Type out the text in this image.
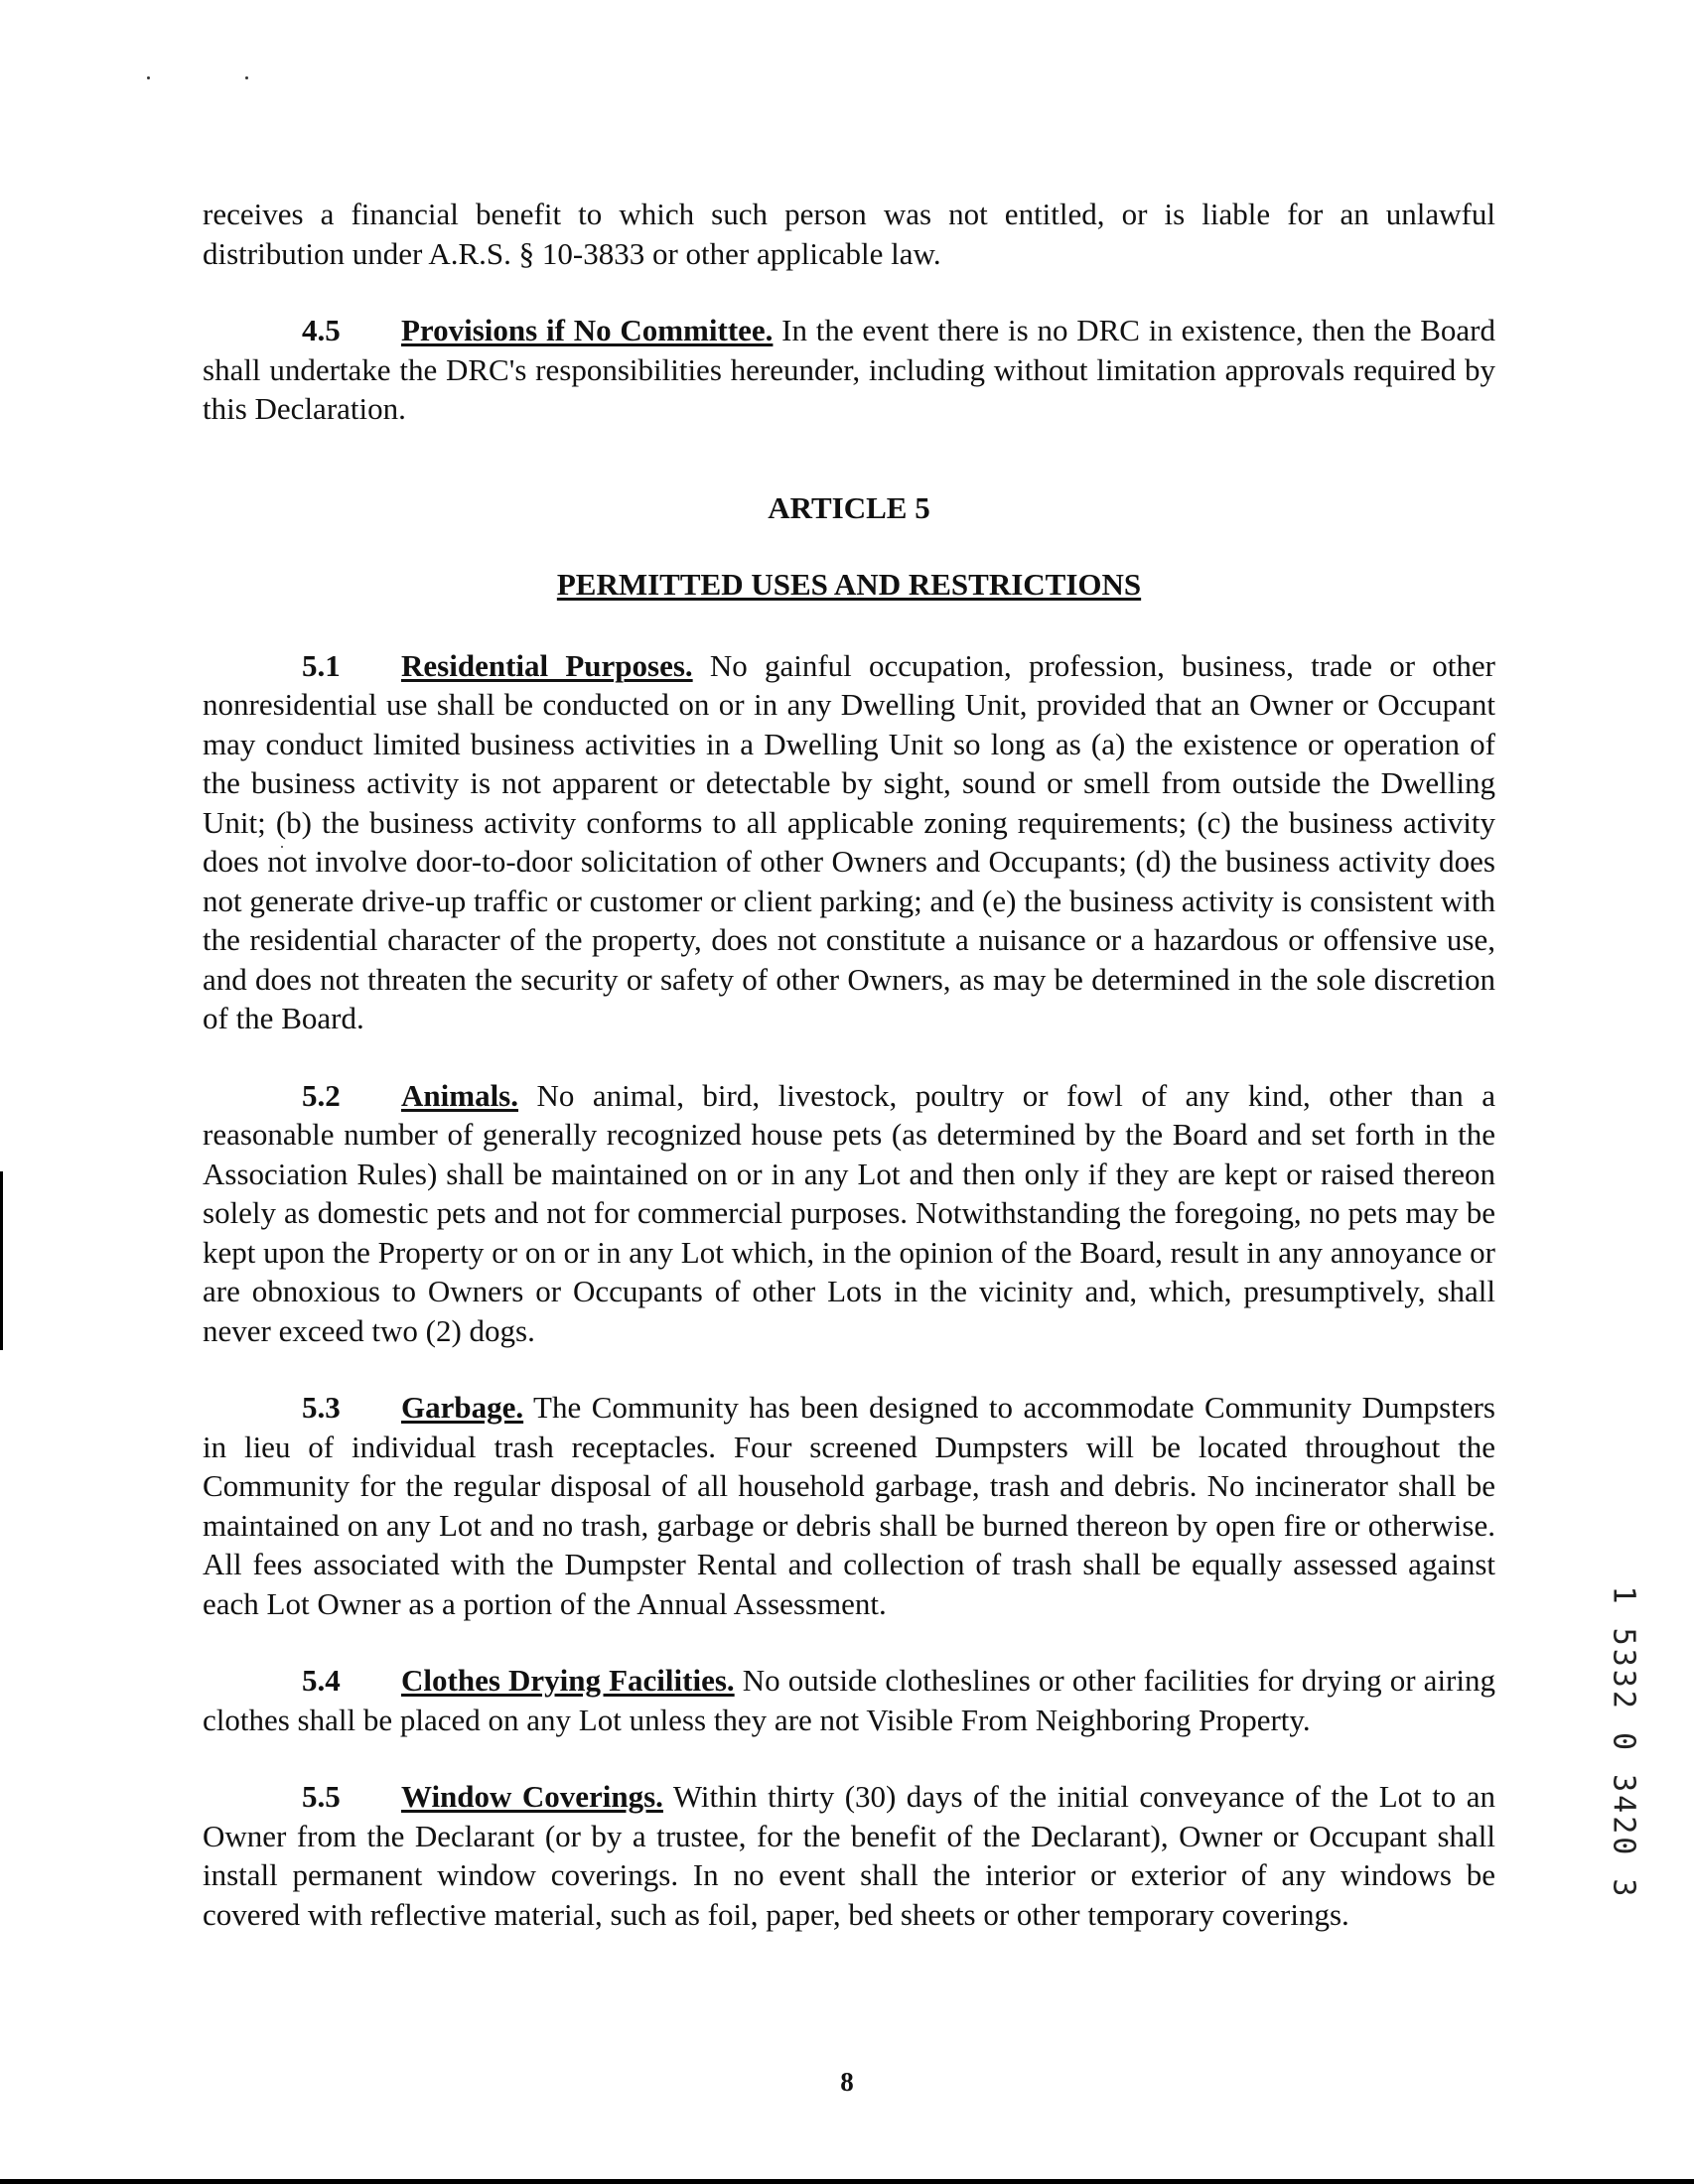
receives a financial benefit to which such person was not entitled, or is liable for an unlawful distribution under A.R.S. § 10-3833 or other applicable law.

4.5 Provisions if No Committee. In the event there is no DRC in existence, then the Board shall undertake the DRC's responsibilities hereunder, including without limitation approvals required by this Declaration.

ARTICLE 5
PERMITTED USES AND RESTRICTIONS

5.1 Residential Purposes. No gainful occupation, profession, business, trade or other nonresidential use shall be conducted on or in any Dwelling Unit, provided that an Owner or Occupant may conduct limited business activities in a Dwelling Unit so long as (a) the existence or operation of the business activity is not apparent or detectable by sight, sound or smell from outside the Dwelling Unit; (b) the business activity conforms to all applicable zoning requirements; (c) the business activity does not involve door-to-door solicitation of other Owners and Occupants; (d) the business activity does not generate drive-up traffic or customer or client parking; and (e) the business activity is consistent with the residential character of the property, does not constitute a nuisance or a hazardous or offensive use, and does not threaten the security or safety of other Owners, as may be determined in the sole discretion of the Board.

5.2 Animals. No animal, bird, livestock, poultry or fowl of any kind, other than a reasonable number of generally recognized house pets (as determined by the Board and set forth in the Association Rules) shall be maintained on or in any Lot and then only if they are kept or raised thereon solely as domestic pets and not for commercial purposes. Notwithstanding the foregoing, no pets may be kept upon the Property or on or in any Lot which, in the opinion of the Board, result in any annoyance or are obnoxious to Owners or Occupants of other Lots in the vicinity and, which, presumptively, shall never exceed two (2) dogs.

5.3 Garbage. The Community has been designed to accommodate Community Dumpsters in lieu of individual trash receptacles. Four screened Dumpsters will be located throughout the Community for the regular disposal of all household garbage, trash and debris. No incinerator shall be maintained on any Lot and no trash, garbage or debris shall be burned thereon by open fire or otherwise. All fees associated with the Dumpster Rental and collection of trash shall be equally assessed against each Lot Owner as a portion of the Annual Assessment.

5.4 Clothes Drying Facilities. No outside clotheslines or other facilities for drying or airing clothes shall be placed on any Lot unless they are not Visible From Neighboring Property.

5.5 Window Coverings. Within thirty (30) days of the initial conveyance of the Lot to an Owner from the Declarant (or by a trustee, for the benefit of the Declarant), Owner or Occupant shall install permanent window coverings. In no event shall the interior or exterior of any windows be covered with reflective material, such as foil, paper, bed sheets or other temporary coverings.

1 5332 0 3420 3
8
